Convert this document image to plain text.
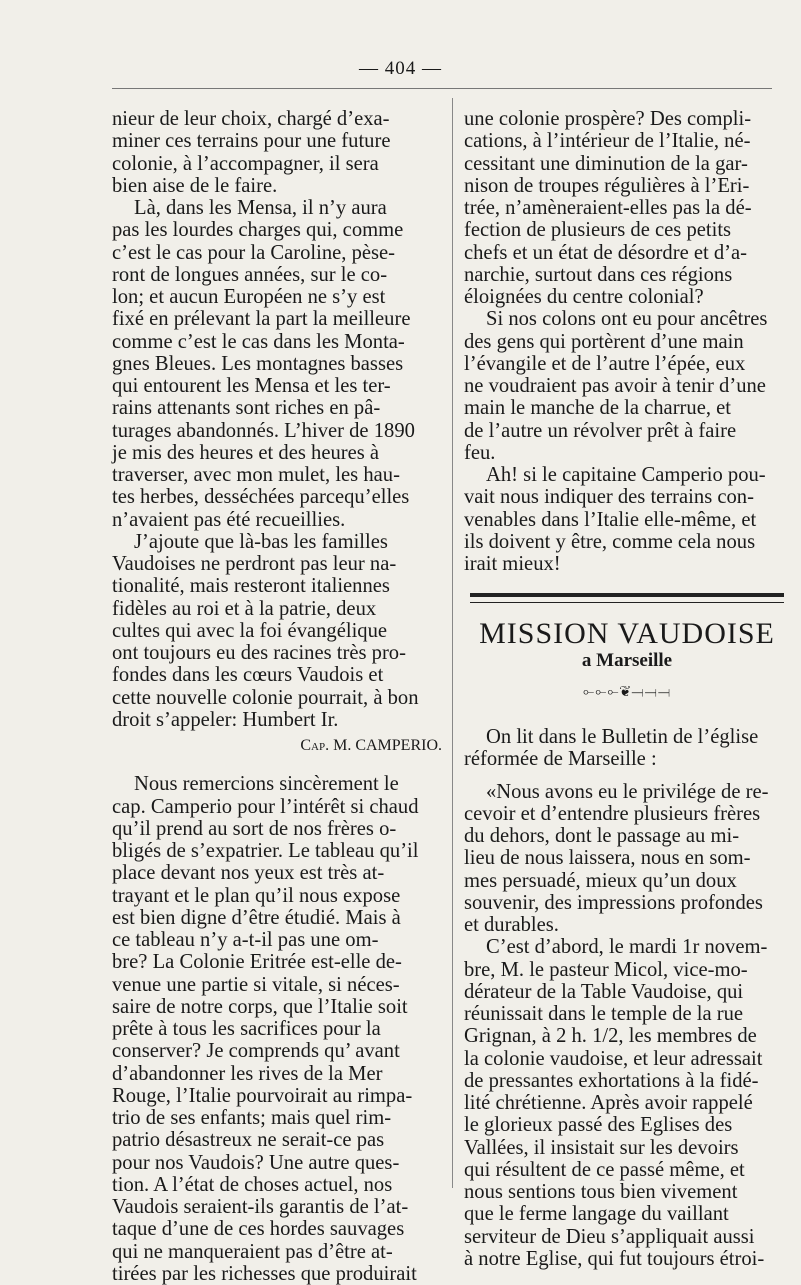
— 404 —

nieur de leur choix, chargé d’exa-
miner ces terrains pour une future
colonie, à l’accompagner, il sera
bien aise de le faire.

Là, dans les Mensa, il n’y aura
pas les lourdes charges qui, comme
c’est le cas pour la Caroline, pèse-
ront de longues années, sur le co-
lon; et aucun Européen ne s’y est
fixé en prélevant la part la meilleure
comme c’est le cas dans les Monta-
gnes Bleues. Les montagnes basses
qui entourent les Mensa et les ter-
rains attenants sont riches en pâ-
turages abandonnés. L’hiver de 1890
je mis des heures et des heures à
traverser, avec mon mulet, les hau-
tes herbes, desséchées parcequ’elles
n’avaient pas été recueillies.

J’ajoute que là-bas les familles
Vaudoises ne perdront pas leur na-
tionalité, mais resteront italiennes
fidèles au roi et à la patrie, deux
cultes qui avec la foi évangélique
ont toujours eu des racines très pro-
fondes dans les cœurs Vaudois et
cette nouvelle colonie pourrait, à bon
droit s’appeler: Humbert Ir.

Cap. M. CAMPERIO.

Nous remercions sincèrement le
cap. Camperio pour l’intérêt si chaud
qu’il prend au sort de nos frères o-
bligés de s’expatrier. Le tableau qu’il
place devant nos yeux est très at-
trayant et le plan qu’il nous expose
est bien digne d’être étudié. Mais à
ce tableau n’y a-t-il pas une om-
bre? La Colonie Eritrée est-elle de-
venue une partie si vitale, si néces-
saire de notre corps, que l’Italie soit
prête à tous les sacrifices pour la
conserver? Je comprends qu’ avant
d’abandonner les rives de la Mer
Rouge, l’Italie pourvoirait au rimpa-
trio de ses enfants; mais quel rim-
patrio désastreux ne serait-ce pas
pour nos Vaudois? Une autre ques-
tion. A l’état de choses actuel, nos
Vaudois seraient-ils garantis de l’at-
taque d’une de ces hordes sauvages
qui ne manqueraient pas d’être at-
tirées par les richesses que produirait

une colonie prospère? Des compli-
cations, à l’intérieur de l’Italie, né-
cessitant une diminution de la gar-
nison de troupes régulières à l’Eri-
trée, n’amèneraient-elles pas la dé-
fection de plusieurs de ces petits
chefs et un état de désordre et d’a-
narchie, surtout dans ces régions
éloignées du centre colonial?

Si nos colons ont eu pour ancêtres
des gens qui portèrent d’une main
l’évangile et de l’autre l’épée, eux
ne voudraient pas avoir à tenir d’une
main le manche de la charrue, et
de l’autre un révolver prêt à faire
feu.

Ah! si le capitaine Camperio pou-
vait nous indiquer des terrains con-
venables dans l’Italie elle-même, et
ils doivent y être, comme cela nous
irait mieux!

MISSION VAUDOISE
a Marseille
⟜⟜⟜❦⟞⟞⟞

On lit dans le Bulletin de l’église
réformée de Marseille :

«Nous avons eu le privilége de re-
cevoir et d’entendre plusieurs frères
du dehors, dont le passage au mi-
lieu de nous laissera, nous en som-
mes persuadé, mieux qu’un doux
souvenir, des impressions profondes
et durables.

C’est d’abord, le mardi 1r novem-
bre, M. le pasteur Micol, vice-mo-
dérateur de la Table Vaudoise, qui
réunissait dans le temple de la rue
Grignan, à 2 h. 1/2, les membres de
la colonie vaudoise, et leur adressait
de pressantes exhortations à la fidé-
lité chrétienne. Après avoir rappelé
le glorieux passé des Eglises des
Vallées, il insistait sur les devoirs
qui résultent de ce passé même, et
nous sentions tous bien vivement
que le ferme langage du vaillant
serviteur de Dieu s’appliquait aussi
à notre Eglise, qui fut toujours étroi-
